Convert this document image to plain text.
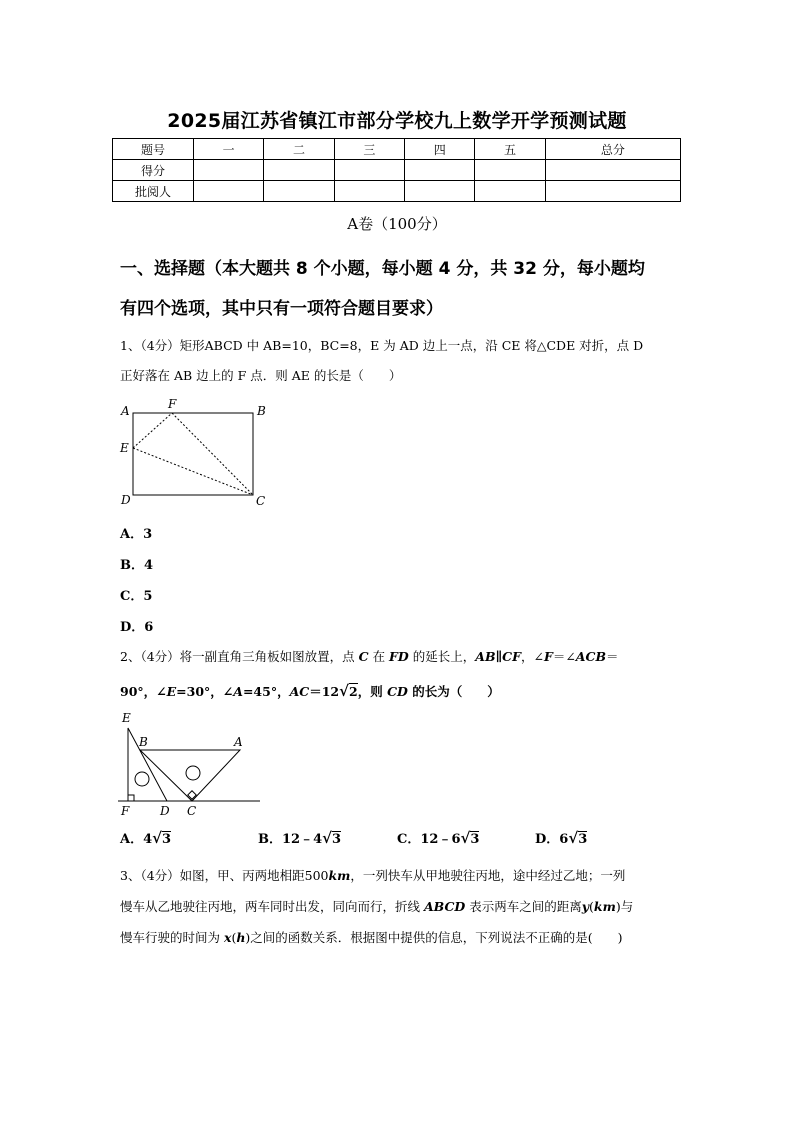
2025届江苏省镇江市部分学校九上数学开学预测试题
题号	一	二	三	四	五	总分
得分						
批阅人						
A卷（100分）
一、选择题（本大题共 8 个小题，每小题 4 分，共 32 分，每小题均
有四个选项，其中只有一项符合题目要求）
1、（4分）矩形ABCD 中 AB=10，BC=8，E 为 AD 边上一点，沿 CE 将△CDE 对折，点 D
正好落在 AB 边上的 F 点．则 AE 的长是（　　）
A	F	B
E
D	C
A．3
B．4
C．5
D．6
2、（4分）将一副直角三角板如图放置，点 C 在 FD 的延长上，AB∥CF，∠F＝∠ACB＝
90°，∠E=30°，∠A=45°，AC＝12√2，则 CD 的长为（　　）
E
B	A
F	D C
A．4√3	B．12﹣4√3	C．12﹣6√3	D．6√3
3、（4分）如图，甲、丙两地相距500km，一列快车从甲地驶往丙地，途中经过乙地；一列
慢车从乙地驶往丙地，两车同时出发，同向而行，折线 ABCD 表示两车之间的距离y(km)与
慢车行驶的时间为 x(h)之间的函数关系．根据图中提供的信息，下列说法不正确的是(　　)
